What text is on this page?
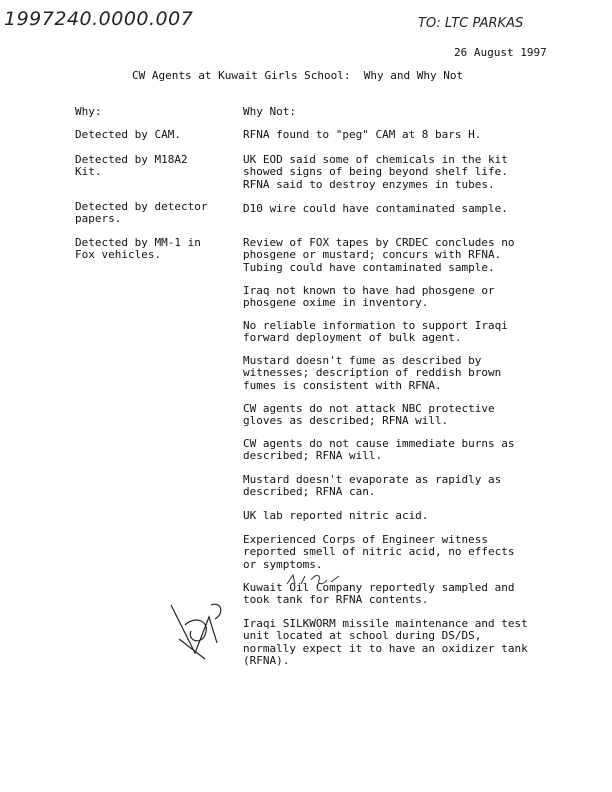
1997240.0000.007	TO: LTC PARKAS
26 August 1997
CW Agents at Kuwait Girls School:  Why and Why Not
Why:	Why Not:
Detected by CAM.
Detected by M18A2
Kit.
Detected by detector
papers.
Detected by MM-1 in
Fox vehicles.
RFNA found to "peg" CAM at 8 bars H.
UK EOD said some of chemicals in the kit
showed signs of being beyond shelf life.
RFNA said to destroy enzymes in tubes.
D10 wire could have contaminated sample.
Review of FOX tapes by CRDEC concludes no
phosgene or mustard; concurs with RFNA.
Tubing could have contaminated sample.
Iraq not known to have had phosgene or
phosgene oxime in inventory.
No reliable information to support Iraqi
forward deployment of bulk agent.
Mustard doesn't fume as described by
witnesses; description of reddish brown
fumes is consistent with RFNA.
CW agents do not attack NBC protective
gloves as described; RFNA will.
CW agents do not cause immediate burns as
described; RFNA will.
Mustard doesn't evaporate as rapidly as
described; RFNA can.
UK lab reported nitric acid.
Experienced Corps of Engineer witness
reported smell of nitric acid, no effects
or symptoms.
Kuwait Oil Company reportedly sampled and
took tank for RFNA contents.
Iraqi SILKWORM missile maintenance and test
unit located at school during DS/DS,
normally expect it to have an oxidizer tank
(RFNA).
